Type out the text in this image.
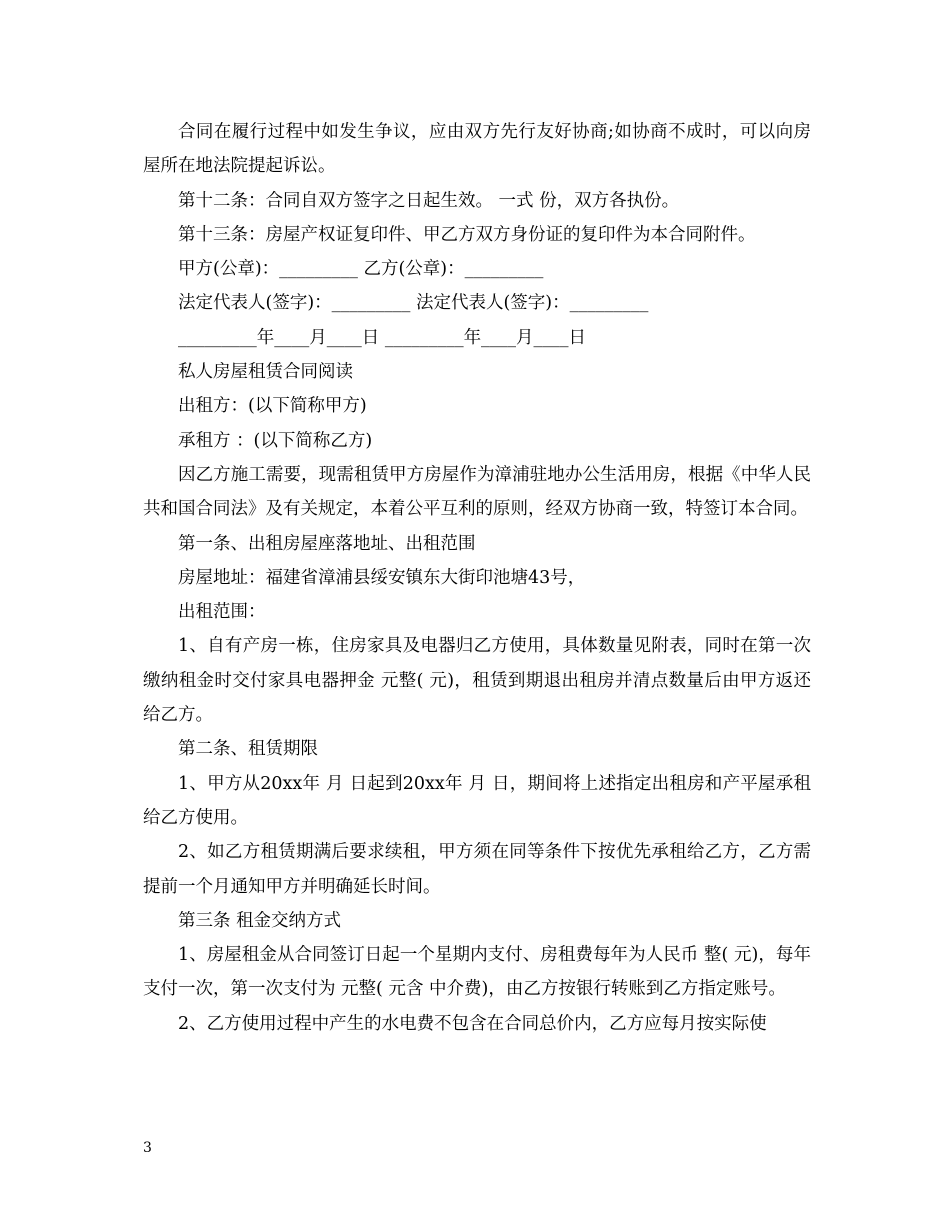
合同在履行过程中如发生争议，应由双方先行友好协商;如协商不成时，可以向房屋所在地法院提起诉讼。

第十二条：合同自双方签字之日起生效。 一式 份，双方各执份。

第十三条：房屋产权证复印件、甲乙方双方身份证的复印件为本合同附件。

甲方(公章)：_________ 乙方(公章)：_________

法定代表人(签字)：_________ 法定代表人(签字)：_________

_________年____月____日 _________年____月____日

私人房屋租赁合同阅读

出租方：(以下简称甲方)

承租方 ：(以下简称乙方)

因乙方施工需要，现需租赁甲方房屋作为漳浦驻地办公生活用房，根据《中华人民共和国合同法》及有关规定，本着公平互利的原则，经双方协商一致，特签订本合同。

第一条、出租房屋座落地址、出租范围

房屋地址：福建省漳浦县绥安镇东大街印池塘43号，

出租范围：

1、自有产房一栋，住房家具及电器归乙方使用，具体数量见附表，同时在第一次缴纳租金时交付家具电器押金 元整( 元)，租赁到期退出租房并清点数量后由甲方返还给乙方。

第二条、租赁期限

1、甲方从20xx年 月 日起到20xx年 月 日，期间将上述指定出租房和产平屋承租给乙方使用。

2、如乙方租赁期满后要求续租，甲方须在同等条件下按优先承租给乙方，乙方需提前一个月通知甲方并明确延长时间。

第三条 租金交纳方式

1、房屋租金从合同签订日起一个星期内支付、房租费每年为人民币 整( 元)，每年支付一次，第一次支付为 元整( 元含 中介费)，由乙方按银行转账到乙方指定账号。

2、乙方使用过程中产生的水电费不包含在合同总价内，乙方应每月按实际使

3
